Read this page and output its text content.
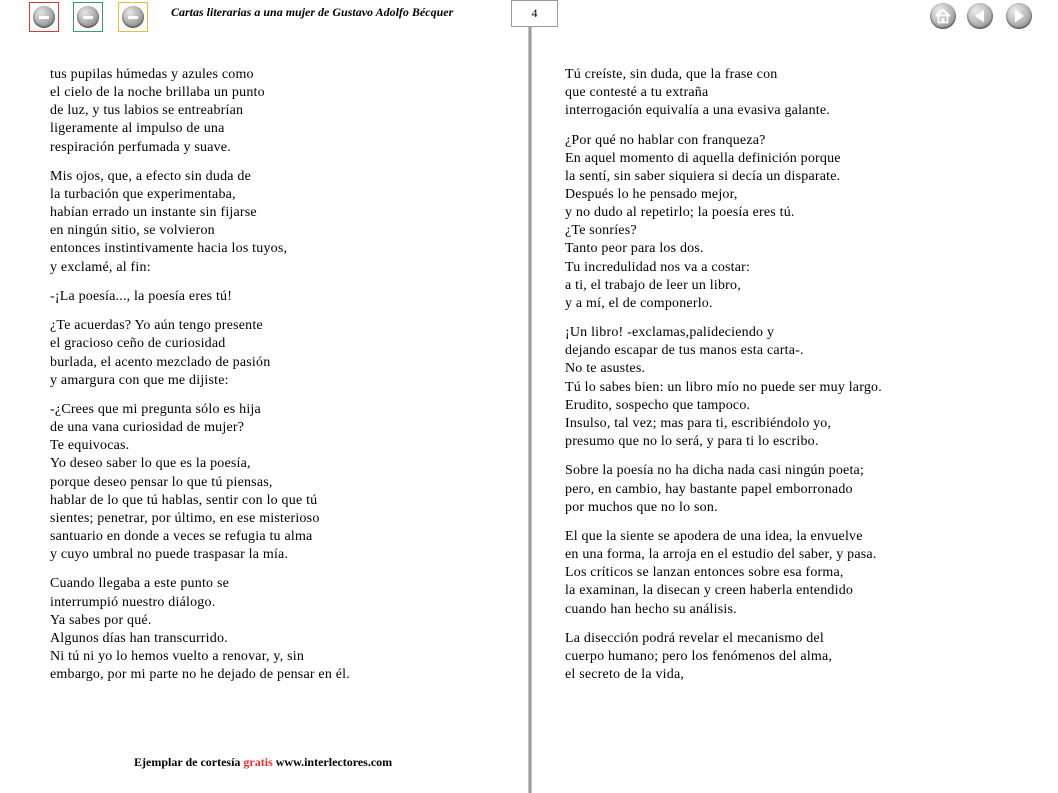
Cartas literarias a una mujer de Gustavo Adolfo Bécquer	4
tus pupilas húmedas y azules como
el cielo de la noche brillaba un punto
de luz, y tus labios se entreabrían
ligeramente al impulso de una
respiración perfumada y suave.
Mis ojos, que, a efecto sin duda de
la turbación que experimentaba,
habían errado un instante sin fijarse
en ningún sitio, se volvieron
entonces instintivamente hacia los tuyos,
y exclamé, al fin:
-¡La poesía..., la poesía eres tú!
¿Te acuerdas? Yo aún tengo presente
el gracioso ceño de curiosidad
burlada, el acento mezclado de pasión
y amargura con que me dijiste:
-¿Crees que mi pregunta sólo es hija
de una vana curiosidad de mujer?
Te equivocas.
Yo deseo saber lo que es la poesía,
porque deseo pensar lo que tú piensas,
hablar de lo que tú hablas, sentir con lo que tú
sientes; penetrar, por último, en ese misterioso
santuario en donde a veces se refugia tu alma
y cuyo umbral no puede traspasar la mía.
Cuando llegaba a este punto se
interrumpió nuestro diálogo.
Ya sabes por qué.
Algunos días han transcurrido.
Ni tú ni yo lo hemos vuelto a renovar, y, sin
embargo, por mi parte no he dejado de pensar en él.
Tú creíste, sin duda, que la frase con
que contesté a tu extraña
interrogación equivalía a una evasiva galante.
¿Por qué no hablar con franqueza?
En aquel momento di aquella definición porque
la sentí, sin saber siquiera si decía un disparate.
Después lo he pensado mejor,
y no dudo al repetirlo; la poesía eres tú.
¿Te sonríes?
Tanto peor para los dos.
Tu incredulidad nos va a costar:
a ti, el trabajo de leer un libro,
y a mí, el de componerlo.
¡Un libro! -exclamas,palideciendo y
dejando escapar de tus manos esta carta-.
No te asustes.
Tú lo sabes bien: un libro mío no puede ser muy largo.
Erudito, sospecho que tampoco.
Insulso, tal vez; mas para ti, escribiéndolo yo,
presumo que no lo será, y para ti lo escribo.
Sobre la poesía no ha dicha nada casi ningún poeta;
pero, en cambio, hay bastante papel emborronado
por muchos que no lo son.
El que la siente se apodera de una idea, la envuelve
en una forma, la arroja en el estudio del saber, y pasa.
Los críticos se lanzan entonces sobre esa forma,
la examinan, la disecan y creen haberla entendido
cuando han hecho su análisis.
La disección podrá revelar el mecanismo del
cuerpo humano; pero los fenómenos del alma,
el secreto de la vida,
Ejemplar de cortesía gratis www.interlectores.com
